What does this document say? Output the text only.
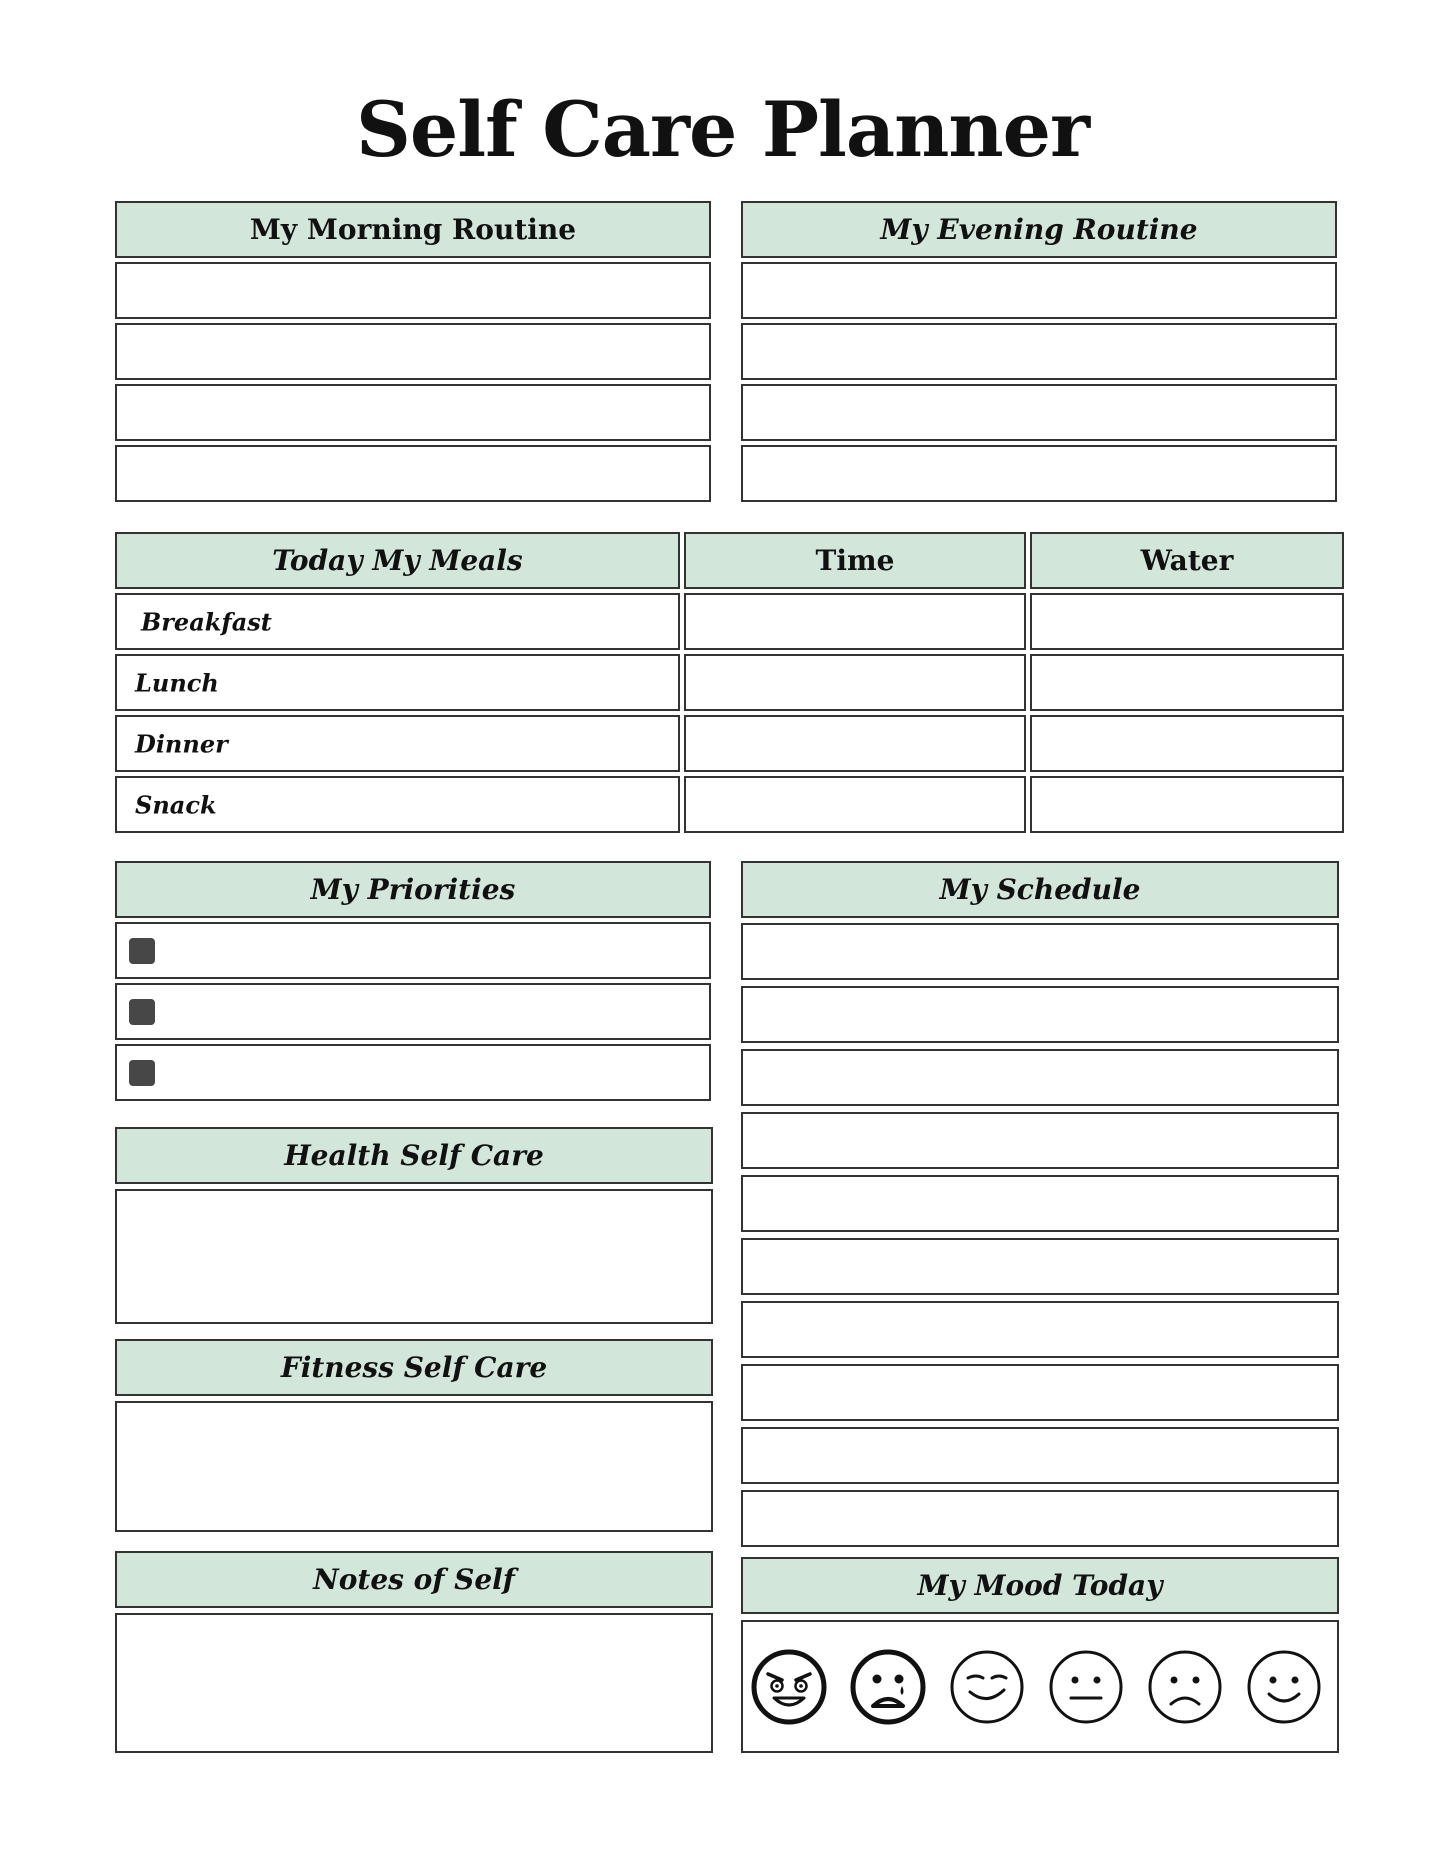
Self Care Planner
My Morning Routine	My Evening Routine
Today My Meals	Time	Water
Breakfast
Lunch
Dinner
Snack
My Priorities
Health Self Care
Fitness Self Care
Notes of Self
My Schedule
My Mood Today
